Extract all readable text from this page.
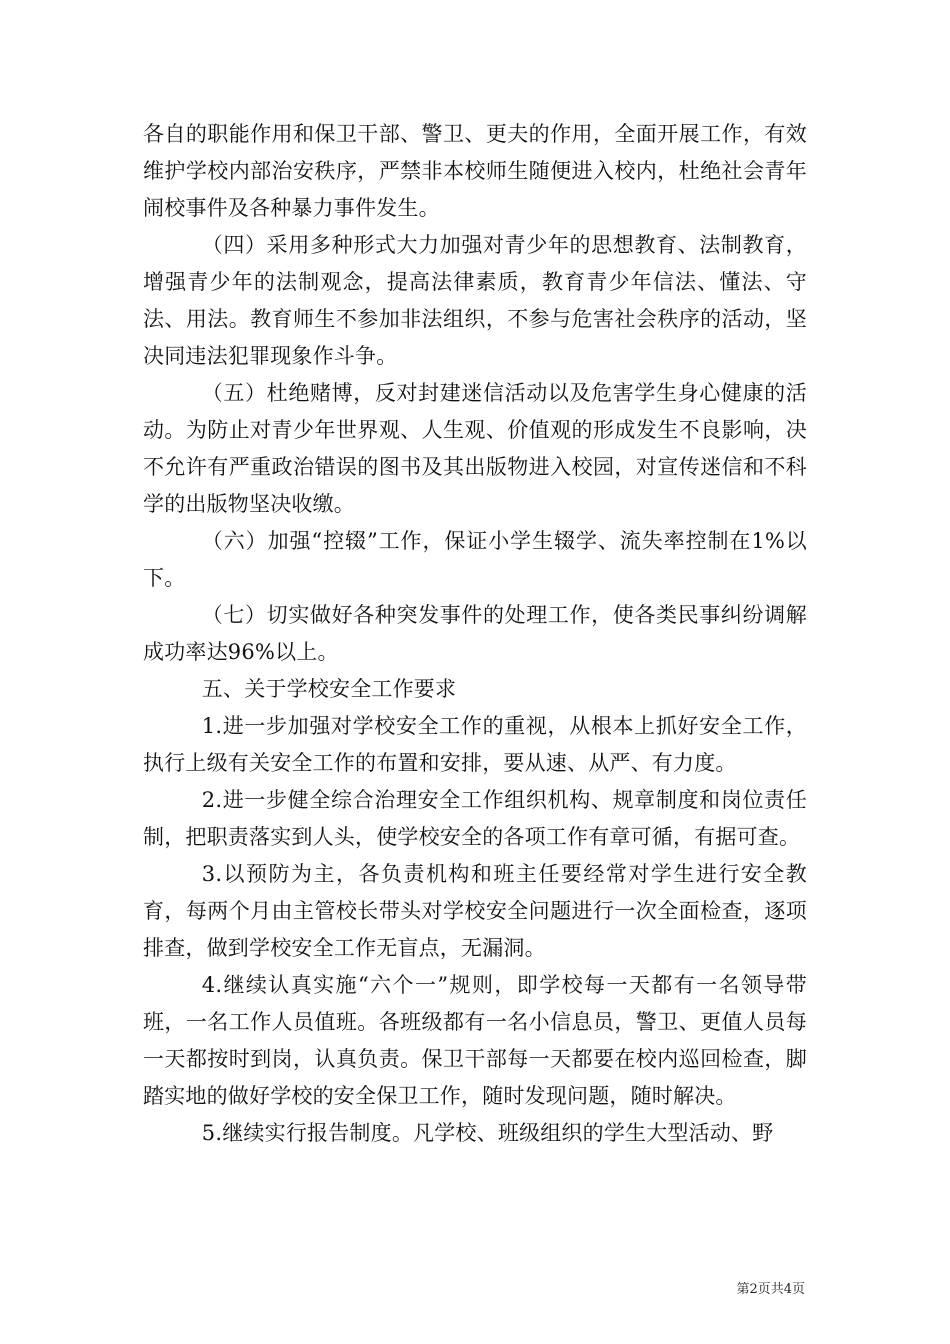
各自的职能作用和保卫干部、警卫、更夫的作用，全面开展工作，有效维护学校内部治安秩序，严禁非本校师生随便进入校内，杜绝社会青年闹校事件及各种暴力事件发生。

（四）采用多种形式大力加强对青少年的思想教育、法制教育，增强青少年的法制观念，提高法律素质，教育青少年信法、懂法、守法、用法。教育师生不参加非法组织，不参与危害社会秩序的活动，坚决同违法犯罪现象作斗争。

（五）杜绝赌博，反对封建迷信活动以及危害学生身心健康的活动。为防止对青少年世界观、人生观、价值观的形成发生不良影响，决不允许有严重政治错误的图书及其出版物进入校园，对宣传迷信和不科学的出版物坚决收缴。

（六）加强“控辍”工作，保证小学生辍学、流失率控制在1%以下。

（七）切实做好各种突发事件的处理工作，使各类民事纠纷调解成功率达96%以上。

五、关于学校安全工作要求

1.进一步加强对学校安全工作的重视，从根本上抓好安全工作，执行上级有关安全工作的布置和安排，要从速、从严、有力度。

2.进一步健全综合治理安全工作组织机构、规章制度和岗位责任制，把职责落实到人头，使学校安全的各项工作有章可循，有据可查。

3.以预防为主，各负责机构和班主任要经常对学生进行安全教育，每两个月由主管校长带头对学校安全问题进行一次全面检查，逐项排查，做到学校安全工作无盲点，无漏洞。

4.继续认真实施“六个一”规则，即学校每一天都有一名领导带班，一名工作人员值班。各班级都有一名小信息员，警卫、更值人员每一天都按时到岗，认真负责。保卫干部每一天都要在校内巡回检查，脚踏实地的做好学校的安全保卫工作，随时发现问题，随时解决。

5.继续实行报告制度。凡学校、班级组织的学生大型活动、野

第2页共4页
